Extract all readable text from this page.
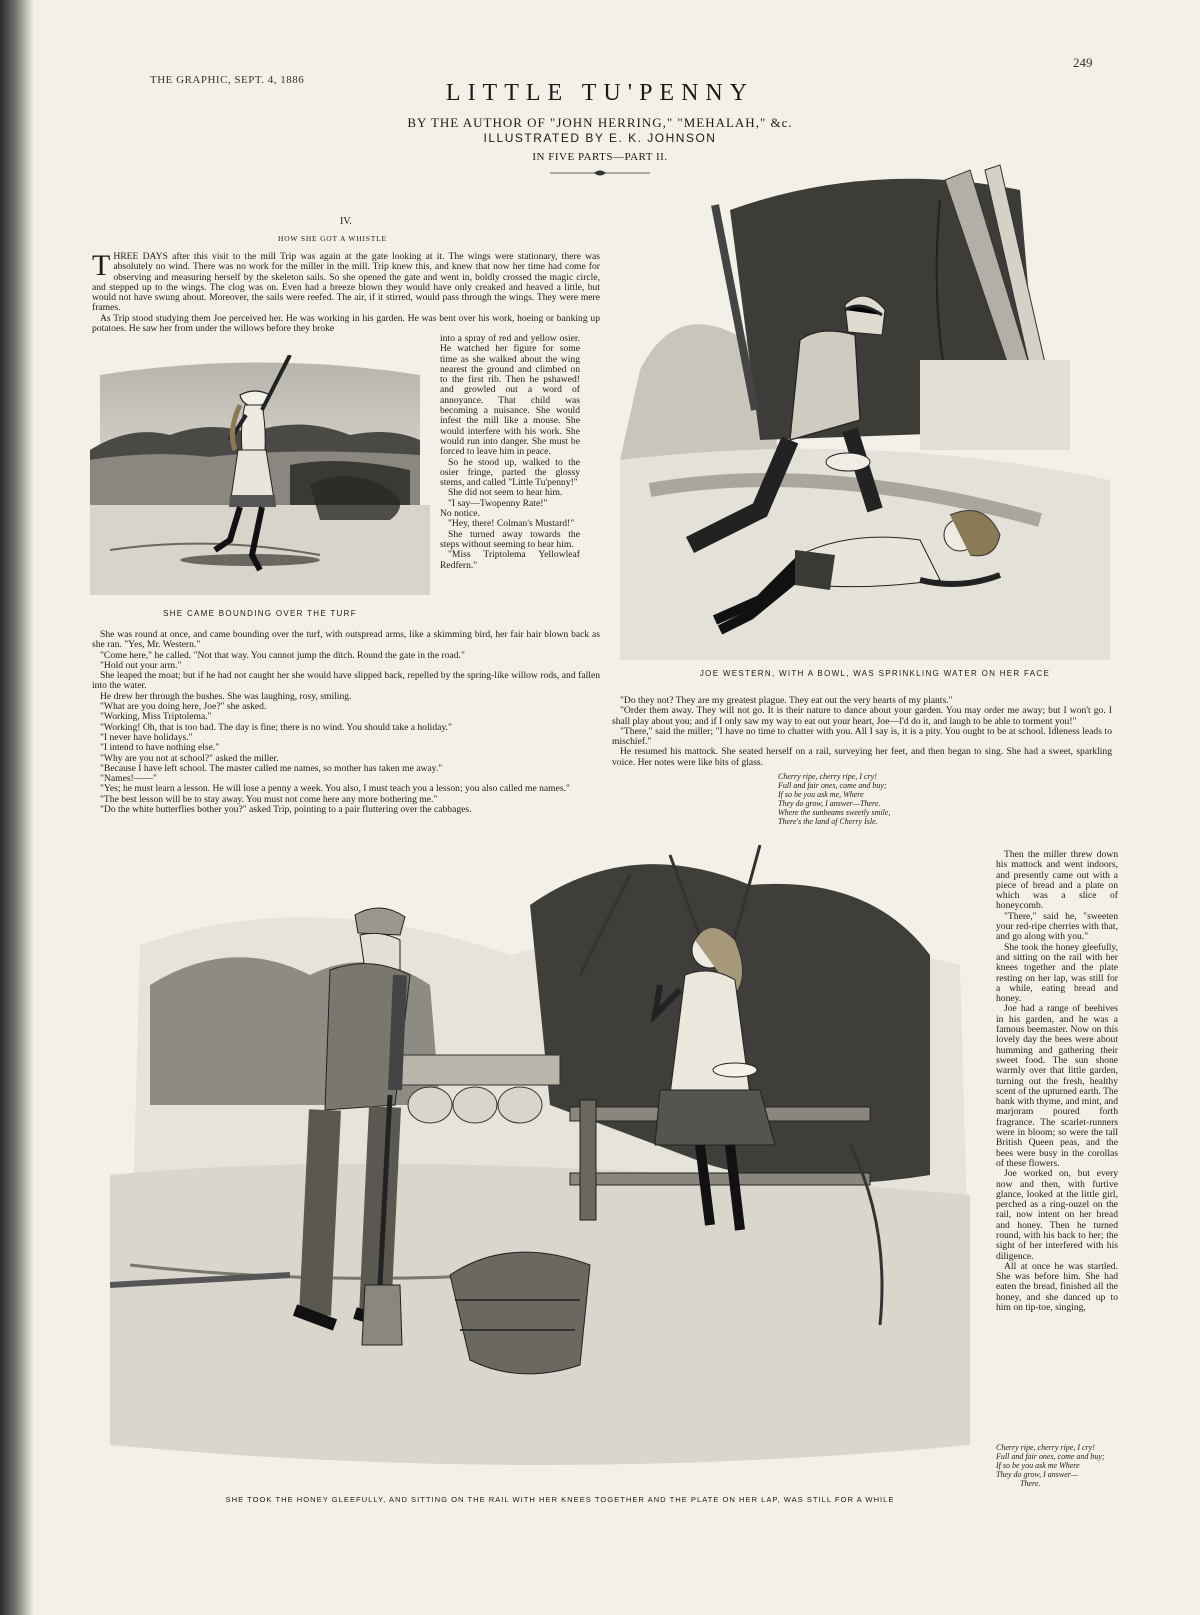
THE GRAPHIC, SEPT. 4, 1886
249
LITTLE TU'PENNY
BY THE AUTHOR OF "JOHN HERRING," "MEHALAH," &c.
ILLUSTRATED BY E. K. JOHNSON
IN FIVE PARTS—PART II.
IV.
HOW SHE GOT A WHISTLE

THREE DAYS after this visit to the mill Trip was again at the gate looking at it. The wings were stationary, there was absolutely no wind. There was no work for the miller in the mill. Trip knew this, and knew that now her time had come for observing and measuring herself by the skeleton sails. So she opened the gate and went in, boldly crossed the magic circle, and stepped up to the wings. The clog was on. Even had a breeze blown they would have only creaked and heaved a little, but would not have swung about. Moreover, the sails were reefed. The air, if it stirred, would pass through the wings. They were mere frames.

As Trip stood studying them Joe perceived her. He was working in his garden. He was bent over his work, hoeing or banking up potatoes. He saw her from under the willows before they broke

into a spray of red and yellow osier. He watched her figure for some time as she walked about the wing nearest the ground and climbed on to the first rib. Then he pshawed! and growled out a word of annoyance. That child was becoming a nuisance. She would infest the mill like a mouse. She would interfere with his work. She would run into danger. She must be forced to leave him in peace.

So he stood up, walked to the osier fringe, parted the glossy stems, and called "Little Tu'penny!"

She did not seem to hear him.

"I say—Twopenny Rate!"

No notice.

"Hey, there! Colman's Mustard!"

She turned away towards the steps without seeming to hear him.

"Miss Triptolema Yellowleaf Redfern."

SHE CAME BOUNDING OVER THE TURF

She was round at once, and came bounding over the turf, with outspread arms, like a skimming bird, her fair hair blown back as she ran. "Yes, Mr. Western."

"Come here," he called. "Not that way. You cannot jump the ditch. Round the gate in the road."

"Hold out your arm."

She leaped the moat; but if he had not caught her she would have slipped back, repelled by the spring-like willow rods, and fallen into the water.

He drew her through the bushes. She was laughing, rosy, smiling.

"What are you doing here, Joe?" she asked.

"Working, Miss Triptolema."

"Working! Oh, that is too bad. The day is fine; there is no wind. You should take a holiday."

"I never have holidays."

"I intend to have nothing else."

"Why are you not at school?" asked the miller.

"Because I have left school. The master called me names, so mother has taken me away."

"Names!——"

"Yes; he must learn a lesson. He will lose a penny a week. You also, I must teach you a lesson; you also called me names."

"The best lesson will be to stay away. You must not come here any more bothering me."

"Do the white butterflies bother you?" asked Trip, pointing to a pair fluttering over the cabbages.

JOE WESTERN, WITH A BOWL, WAS SPRINKLING WATER ON HER FACE

"Do they not? They are my greatest plague. They eat out the very hearts of my plants."

"Order them away. They will not go. It is their nature to dance about your garden. You may order me away; but I won't go. I shall play about you; and if I only saw my way to eat out your heart, Joe—I'd do it, and laugh to be able to torment you!"

"There," said the miller; "I have no time to chatter with you. All I say is, it is a pity. You ought to be at school. Idleness leads to mischief."

He resumed his mattock. She seated herself on a rail, surveying her feet, and then began to sing. She had a sweet, sparkling voice. Her notes were like bits of glass.

Cherry ripe, cherry ripe, I cry!
Full and fair ones, come and buy;
If so be you ask me, Where
They do grow, I answer—There.
Where the sunbeams sweetly smile,
There's the land of Cherry Isle.

Then the miller threw down his mattock and went indoors, and presently came out with a piece of bread and a plate on which was a slice of honeycomb.

"There," said he, "sweeten your red-ripe cherries with that, and go along with you."

She took the honey gleefully, and sitting on the rail with her knees together and the plate resting on her lap, was still for a while, eating bread and honey.

Joe had a range of beehives in his garden, and he was a famous beemaster. Now on this lovely day the bees were about humming and gathering their sweet food. The sun shone warmly over that little garden, turning out the fresh, healthy scent of the upturned earth. The bank with thyme, and mint, and marjoram poured forth fragrance. The scarlet-runners were in bloom; so were the tall British Queen peas, and the bees were busy in the corollas of these flowers.

Joe worked on, but every now and then, with furtive glance, looked at the little girl, perched as a ring-ouzel on the rail, now intent on her bread and honey. Then he turned round, with his back to her; the sight of her interfered with his diligence.

All at once he was startled. She was before him. She had eaten the bread, finished all the honey, and she danced up to him on tip-toe, singing,

Cherry ripe, cherry ripe, I cry!
Full and fair ones, come and buy;
If so be you ask me Where
They do grow, I answer—
There.
SHE TOOK THE HONEY GLEEFULLY, AND SITTING ON THE RAIL WITH HER KNEES TOGETHER AND THE PLATE ON HER LAP, WAS STILL FOR A WHILE
